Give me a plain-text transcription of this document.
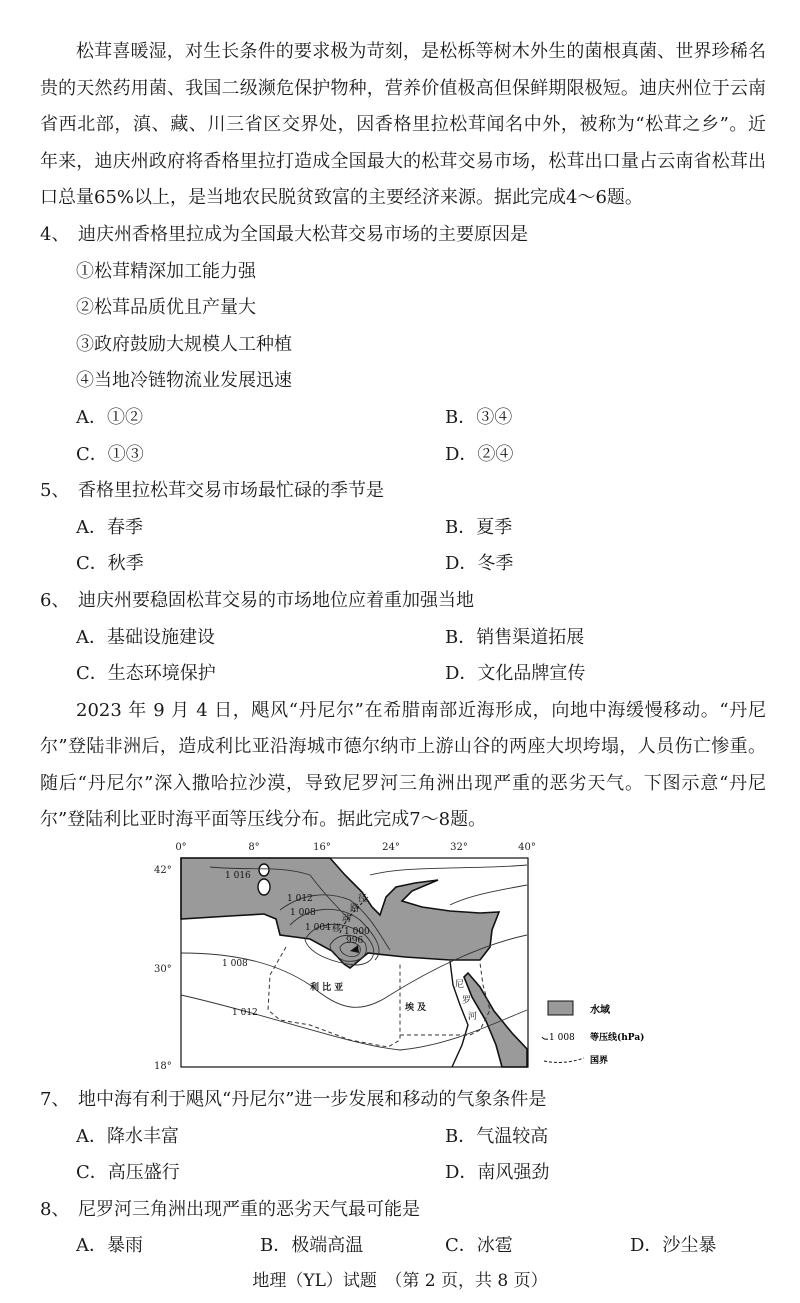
松茸喜暖湿，对生长条件的要求极为苛刻，是松栎等树木外生的菌根真菌、世界珍稀名
贵的天然药用菌、我国二级濒危保护物种，营养价值极高但保鲜期限极短。迪庆州位于云南
省西北部，滇、藏、川三省区交界处，因香格里拉松茸闻名中外，被称为“松茸之乡”。近
年来，迪庆州政府将香格里拉打造成全国最大的松茸交易市场，松茸出口量占云南省松茸出
口总量65%以上，是当地农民脱贫致富的主要经济来源。据此完成4～6题。
4、 迪庆州香格里拉成为全国最大松茸交易市场的主要原因是
①松茸精深加工能力强
②松茸品质优且产量大
③政府鼓励大规模人工种植
④当地冷链物流业发展迅速
A．①②	B．③④
C．①③	D．②④
5、 香格里拉松茸交易市场最忙碌的季节是
A．春季	B．夏季
C．秋季	D．冬季
6、 迪庆州要稳固松茸交易的市场地位应着重加强当地
A．基础设施建设	B．销售渠道拓展
C．生态环境保护	D．文化品牌宣传
2023 年 9 月 4 日，飓风“丹尼尔”在希腊南部近海形成，向地中海缓慢移动。“丹尼
尔”登陆非洲后，造成利比亚沿海城市德尔纳市上游山谷的两座大坝垮塌，人员伤亡惨重。
随后“丹尼尔”深入撒哈拉沙漠，导致尼罗河三角洲出现严重的恶劣天气。下图示意“丹尼
尔”登陆利比亚时海平面等压线分布。据此完成7～8题。
0°	8°	16°	24°	32°	40°
42°
30°
18°
1 016
1 012
1 008
1 004 1 000
996
1 008
1 012
移
动
路
径
利 比 亚
埃 及
尼
罗
河
水域
1 008 等压线(hPa)
国界
7、 地中海有利于飓风“丹尼尔”进一步发展和移动的气象条件是
A．降水丰富	B．气温较高
C．高压盛行	D．南风强劲
8、 尼罗河三角洲出现严重的恶劣天气最可能是
A．暴雨	B．极端高温	C．冰雹	D．沙尘暴
地理（YL）试题　（第 2 页，共 8 页）
